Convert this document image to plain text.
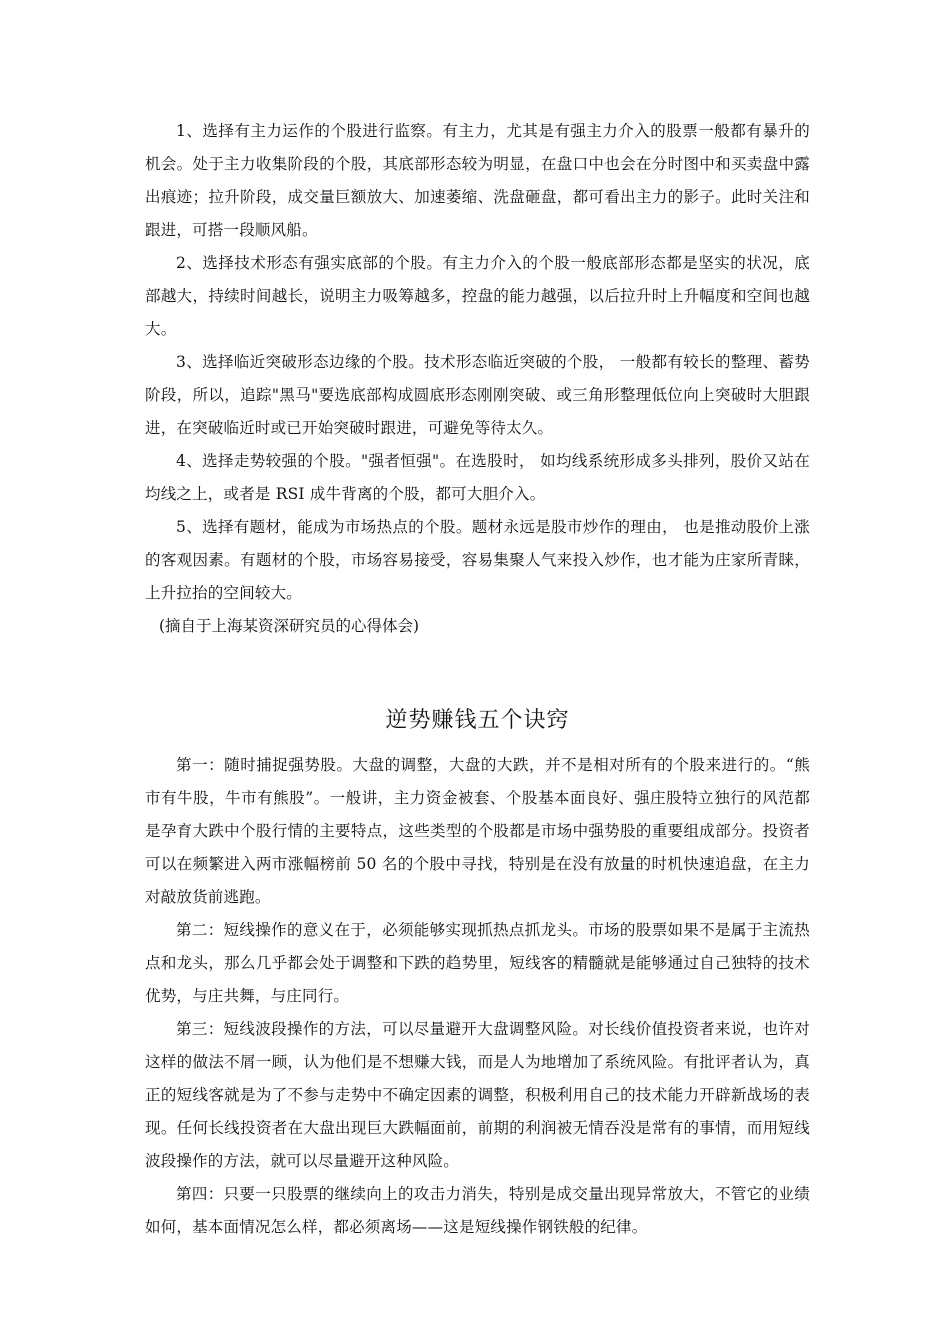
1、选择有主力运作的个股进行监察。有主力，尤其是有强主力介入的股票一般都有暴升的机会。处于主力收集阶段的个股，其底部形态较为明显，在盘口中也会在分时图中和买卖盘中露出痕迹；拉升阶段，成交量巨额放大、加速萎缩、洗盘砸盘，都可看出主力的影子。此时关注和跟进，可搭一段顺风船。

2、选择技术形态有强实底部的个股。有主力介入的个股一般底部形态都是坚实的状况，底部越大，持续时间越长，说明主力吸筹越多，控盘的能力越强，以后拉升时上升幅度和空间也越大。

3、选择临近突破形态边缘的个股。技术形态临近突破的个股， 一般都有较长的整理、蓄势阶段，所以，追踪"黑马"要选底部构成圆底形态刚刚突破、或三角形整理低位向上突破时大胆跟进，在突破临近时或已开始突破时跟进，可避免等待太久。

4、选择走势较强的个股。"强者恒强"。在选股时， 如均线系统形成多头排列，股价又站在均线之上，或者是 RSI 成牛背离的个股，都可大胆介入。

5、选择有题材，能成为市场热点的个股。题材永远是股市炒作的理由， 也是推动股价上涨的客观因素。有题材的个股，市场容易接受，容易集聚人气来投入炒作，也才能为庄家所青睐，上升拉抬的空间较大。

(摘自于上海某资深研究员的心得体会)

逆势赚钱五个诀窍

第一：随时捕捉强势股。大盘的调整，大盘的大跌，并不是相对所有的个股来进行的。“熊市有牛股，牛市有熊股”。一般讲，主力资金被套、个股基本面良好、强庄股特立独行的风范都是孕育大跌中个股行情的主要特点，这些类型的个股都是市场中强势股的重要组成部分。投资者可以在频繁进入两市涨幅榜前 50 名的个股中寻找，特别是在没有放量的时机快速追盘，在主力对敲放货前逃跑。

第二：短线操作的意义在于，必须能够实现抓热点抓龙头。市场的股票如果不是属于主流热点和龙头，那么几乎都会处于调整和下跌的趋势里，短线客的精髓就是能够通过自己独特的技术优势，与庄共舞，与庄同行。

第三：短线波段操作的方法，可以尽量避开大盘调整风险。对长线价值投资者来说，也许对这样的做法不屑一顾，认为他们是不想赚大钱，而是人为地增加了系统风险。有批评者认为，真正的短线客就是为了不参与走势中不确定因素的调整，积极利用自己的技术能力开辟新战场的表现。任何长线投资者在大盘出现巨大跌幅面前，前期的利润被无情吞没是常有的事情，而用短线波段操作的方法，就可以尽量避开这种风险。

第四：只要一只股票的继续向上的攻击力消失，特别是成交量出现异常放大，不管它的业绩如何，基本面情况怎么样，都必须离场——这是短线操作钢铁般的纪律。
